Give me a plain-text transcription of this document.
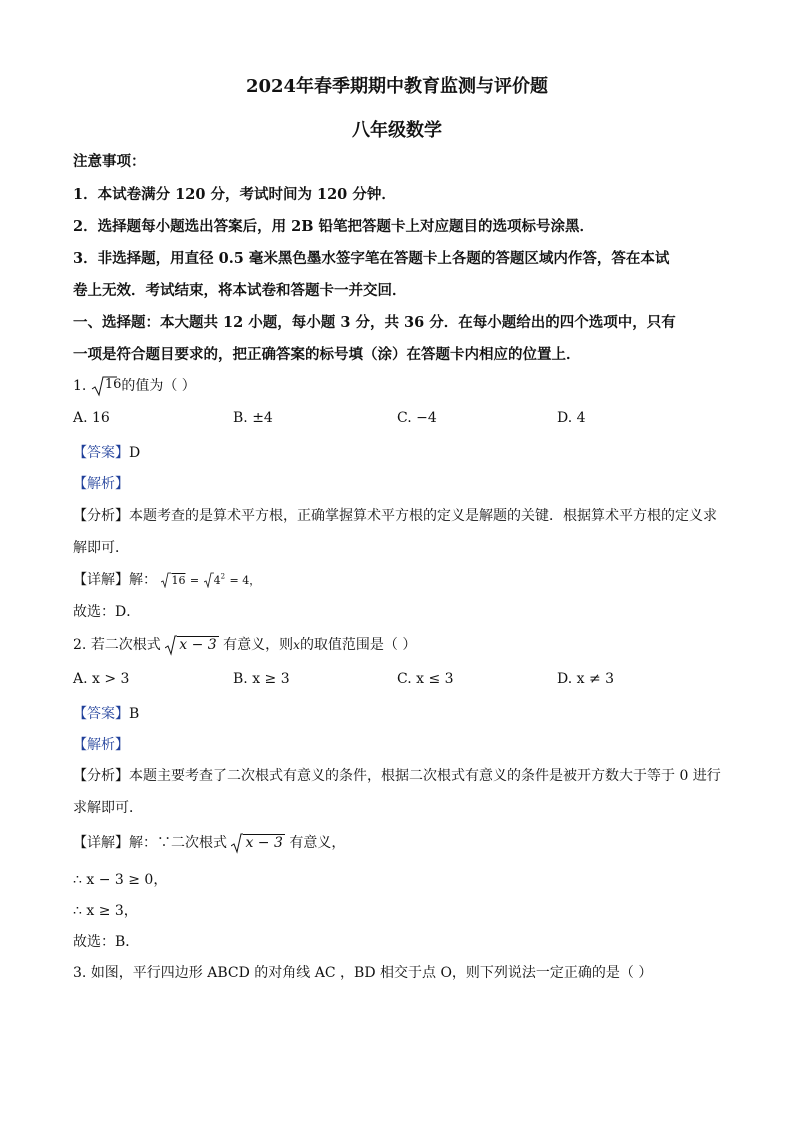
2024年春季期期中教育监测与评价题
八年级数学
注意事项：
1．本试卷满分 120 分，考试时间为 120 分钟．
2．选择题每小题选出答案后，用 2B 铅笔把答题卡上对应题目的选项标号涂黑．
3．非选择题，用直径 0.5 毫米黑色墨水签字笔在答题卡上各题的答题区域内作答，答在本试
卷上无效．考试结束，将本试卷和答题卡一并交回．
一、选择题：本大题共 12 小题，每小题 3 分，共 36 分．在每小题给出的四个选项中，只有
一项是符合题目要求的，把正确答案的标号填（涂）在答题卡内相应的位置上．
1. 16的值为（ ）
A. 16	B. ±4	C. −4	D. 4
【答案】D
【解析】
【分析】本题考查的是算术平方根，正确掌握算术平方根的定义是解题的关键．根据算术平方根的定义求
解即可．
【详解】解： $16 = 4^2 = 4$，
故选：D．
2. 若二次根式 x − 3 有意义，则x的取值范围是（ ）
A. x > 3	B. x ≥ 3	C. x ≤ 3	D. x ≠ 3
【答案】B
【解析】
【分析】本题主要考查了二次根式有意义的条件，根据二次根式有意义的条件是被开方数大于等于 0 进行
求解即可．
【详解】解：∵二次根式 x − 3 有意义，
∴ x − 3 ≥ 0，
∴ x ≥ 3，
故选：B．
3. 如图，平行四边形 ABCD 的对角线 AC ，BD 相交于点 O，则下列说法一定正确的是（ ）
